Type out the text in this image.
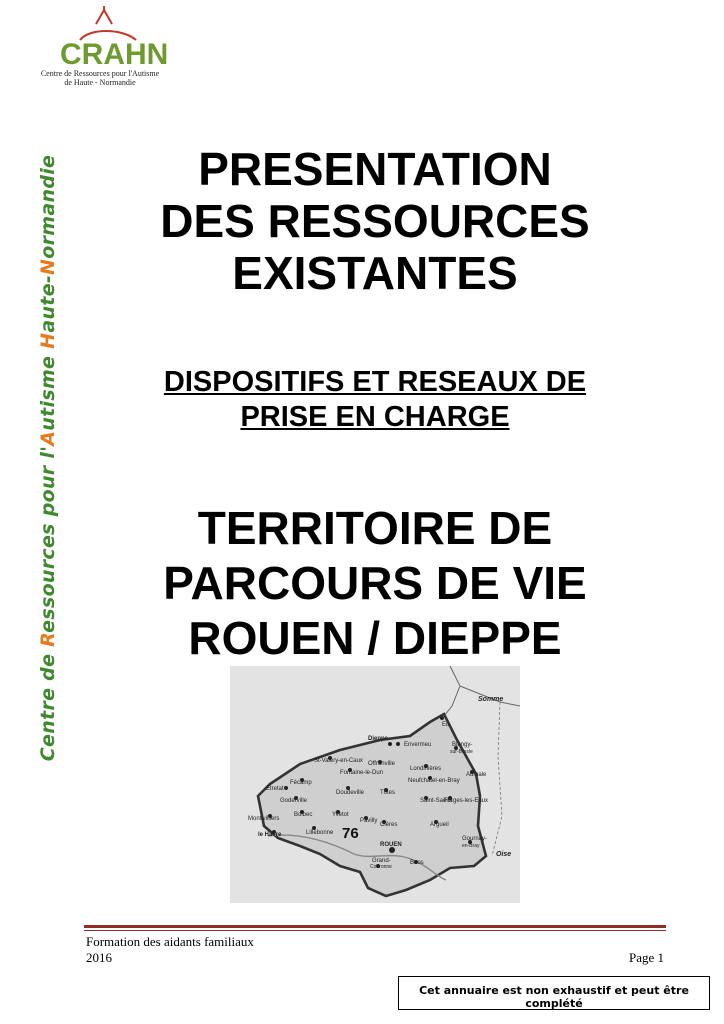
CRAHN
Centre de Ressources pour l'Autisme
de Haute - Normandie
Centre de Ressources pour l'Autisme Haute-Normandie	PRESENTATION
DES RESSOURCES
EXISTANTES
DISPOSITIFS ET RESEAUX DE
PRISE EN CHARGE
TERRITOIRE DE
PARCOURS DE VIE
ROUEN / DIEPPE
76
Somme
Eu
Dieppe
Envermeu	Blangy-
sur-Bresle
St-Valery-en-Caux Offranville
Fontaine-le-Dun
Londinières
Aumale
Fécamp	Neufchâtel-en-Bray
Etretat
Doudeville	Tôtes
Goderville	Saint-Saëns
Forges-les-Eaux
Bolbec	Yvetot
Montivilliers	Pavilly
Clères	Argueil
le Havre	Lillebonne
ROUEN
Gournay-
en-Bray
Grand-
Couronne
Boos
Oise
Formation des aidants familiaux
2016	Page 1
Cet annuaire est non exhaustif et peut être complété
